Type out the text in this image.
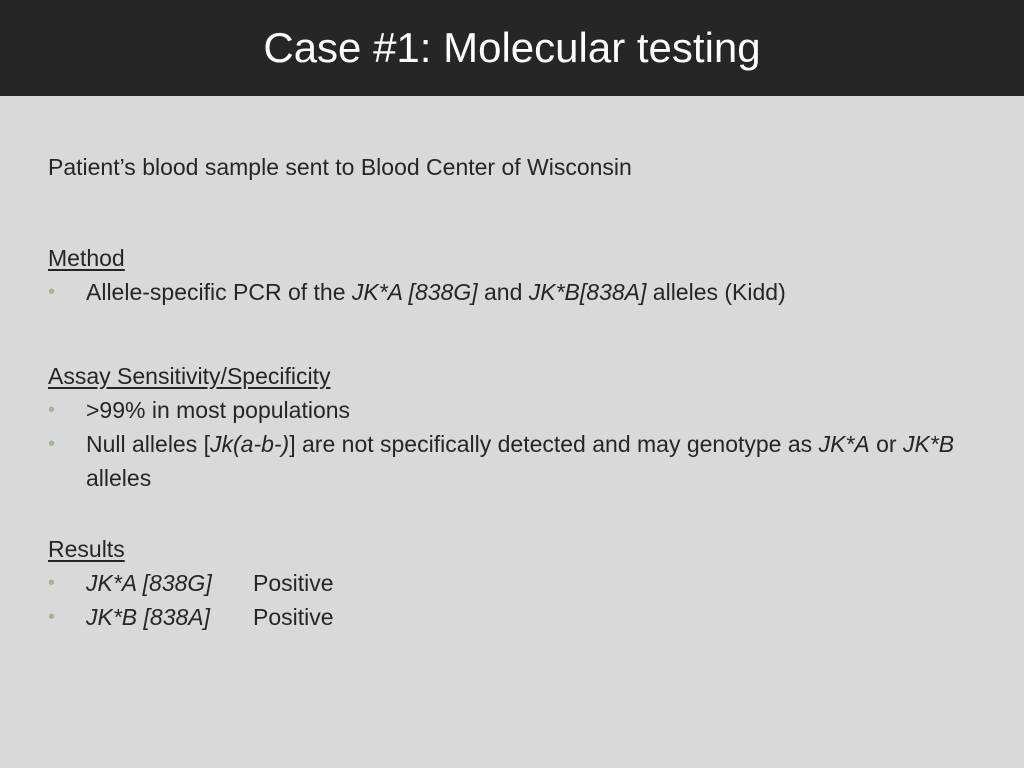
Case #1: Molecular testing

Patient’s blood sample sent to Blood Center of Wisconsin

Method
•	Allele-specific PCR of the JK*A [838G] and JK*B[838A] alleles (Kidd)
Assay Sensitivity/Specificity
•	>99% in most populations
•	Null alleles [Jk(a-b-)] are not specifically detected and may genotype as JK*A or JK*B alleles
Results
•	JK*A [838G] Positive
•	JK*B [838A] Positive
